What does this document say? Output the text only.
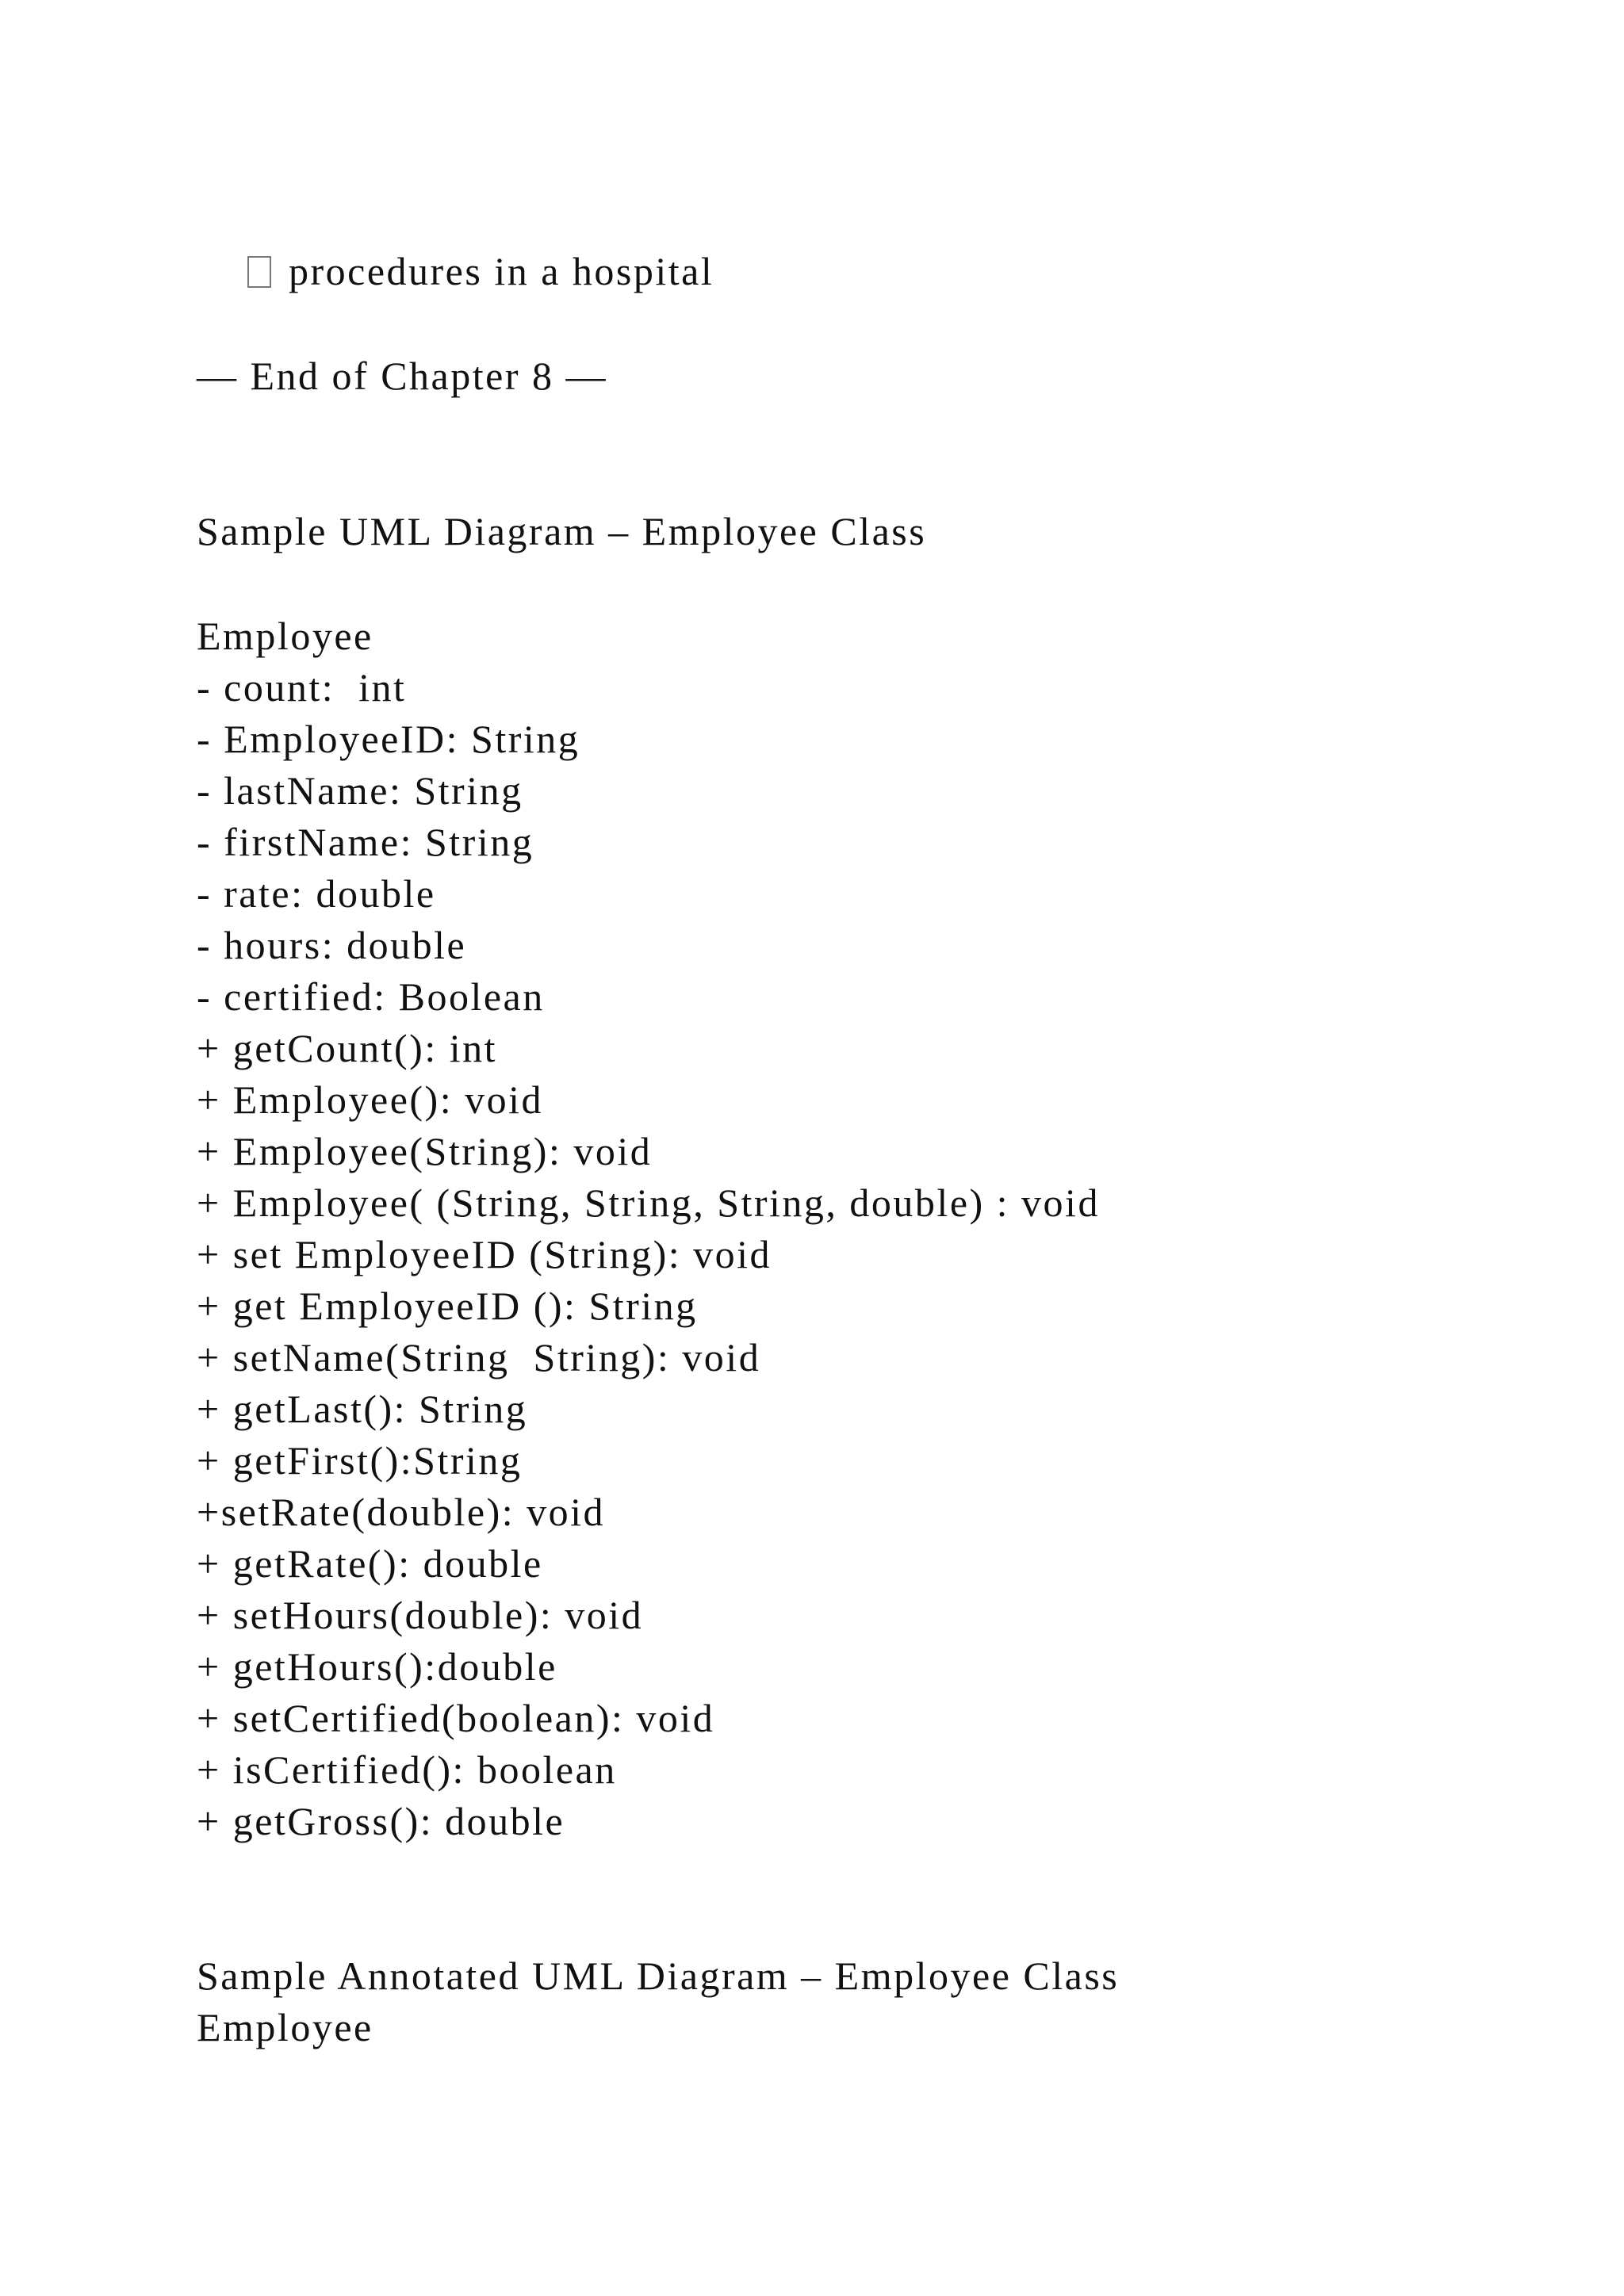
procedures in a hospital

— End of Chapter 8 —
Sample UML Diagram – Employee Class
Employee
- count:  int
- EmployeeID: String
- lastName: String
- firstName: String
- rate: double
- hours: double
- certified: Boolean
+ getCount(): int
+ Employee(): void
+ Employee(String): void
+ Employee( (String, String, String, double) : void
+ set EmployeeID (String): void
+ get EmployeeID (): String
+ setName(String  String): void
+ getLast(): String
+ getFirst():String
+setRate(double): void
+ getRate(): double
+ setHours(double): void
+ getHours():double
+ setCertified(boolean): void
+ isCertified(): boolean
+ getGross(): double
Sample Annotated UML Diagram – Employee Class
Employee
